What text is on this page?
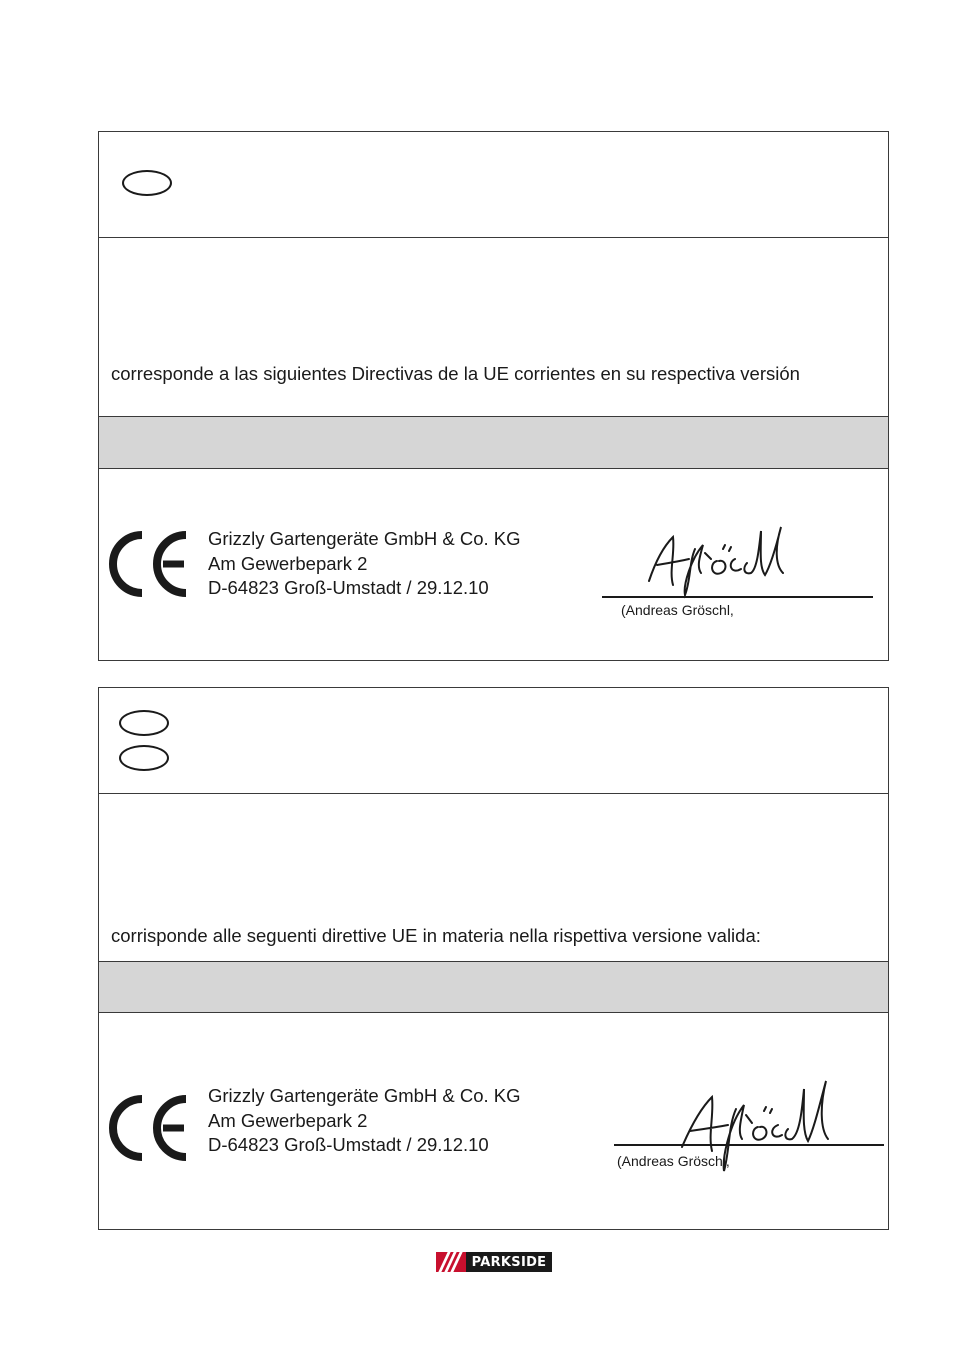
corresponde a las siguientes Directivas de la UE corrientes en su respectiva versión
Grizzly Gartengeräte GmbH & Co. KG
Am Gewerbepark 2
D-64823 Groß-Umstadt / 29.12.10
(Andreas Gröschl,
corrisponde alle seguenti direttive UE in materia nella rispettiva versione valida:
Grizzly Gartengeräte GmbH & Co. KG
Am Gewerbepark 2
D-64823 Groß-Umstadt / 29.12.10
(Andreas Gröschl,
PARKSIDE
